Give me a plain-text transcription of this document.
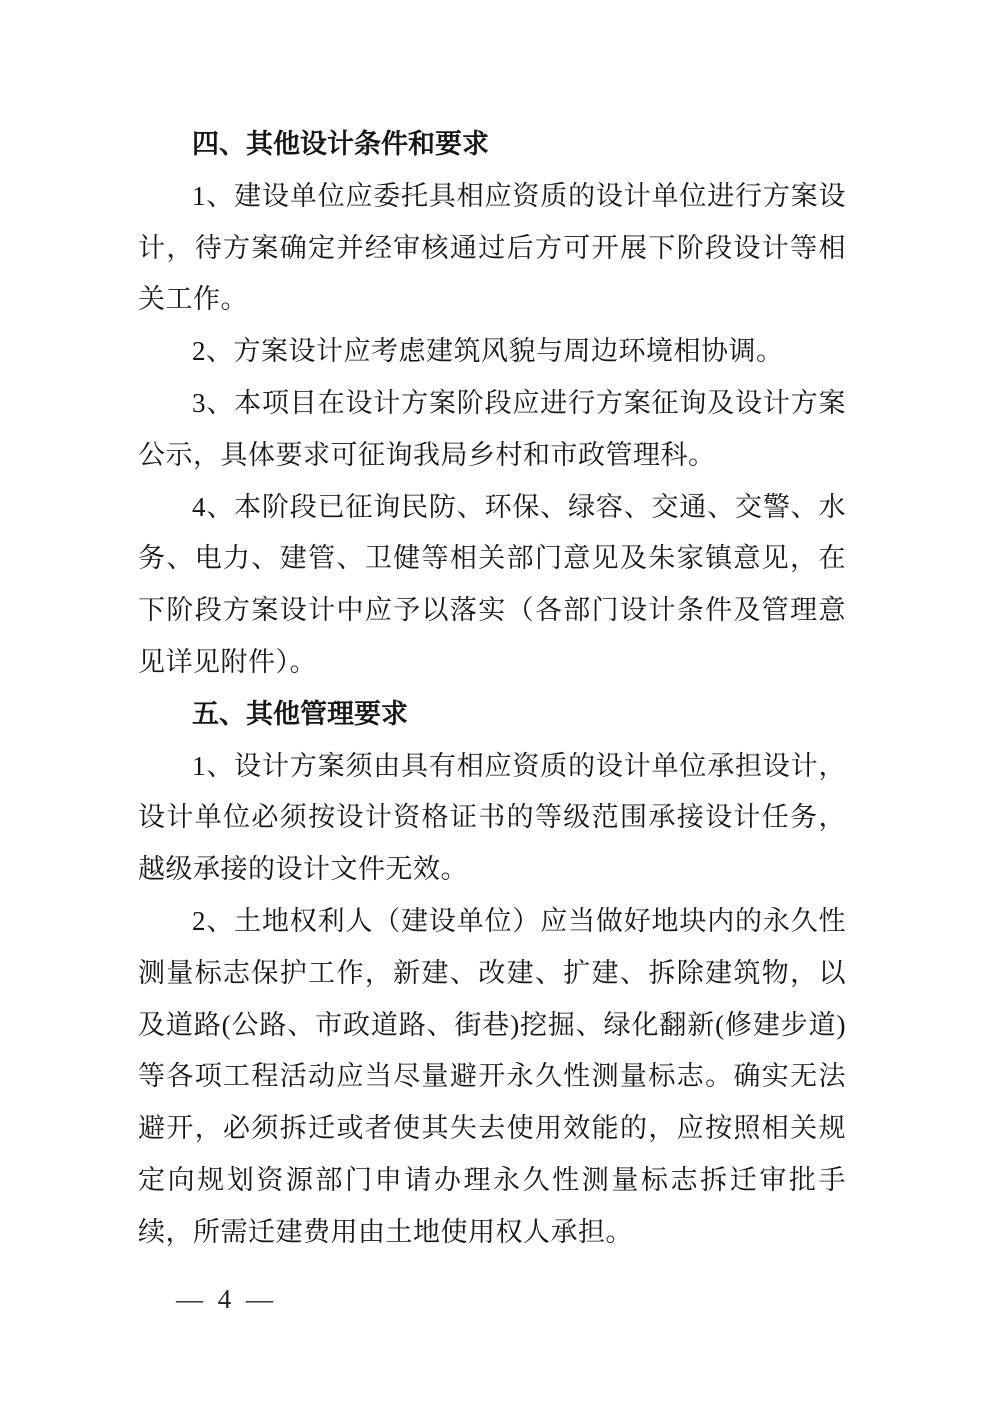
四、其他设计条件和要求

1、建设单位应委托具相应资质的设计单位进行方案设计，待方案确定并经审核通过后方可开展下阶段设计等相关工作。

2、方案设计应考虑建筑风貌与周边环境相协调。

3、本项目在设计方案阶段应进行方案征询及设计方案公示，具体要求可征询我局乡村和市政管理科。

4、本阶段已征询民防、环保、绿容、交通、交警、水务、电力、建管、卫健等相关部门意见及朱家镇意见，在下阶段方案设计中应予以落实（各部门设计条件及管理意见详见附件）。

五、其他管理要求

1、设计方案须由具有相应资质的设计单位承担设计，设计单位必须按设计资格证书的等级范围承接设计任务，越级承接的设计文件无效。

2、土地权利人（建设单位）应当做好地块内的永久性测量标志保护工作，新建、改建、扩建、拆除建筑物，以及道路(公路、市政道路、街巷)挖掘、绿化翻新(修建步道)等各项工程活动应当尽量避开永久性测量标志。确实无法避开，必须拆迁或者使其失去使用效能的，应按照相关规定向规划资源部门申请办理永久性测量标志拆迁审批手续，所需迁建费用由土地使用权人承担。

— 4 —
